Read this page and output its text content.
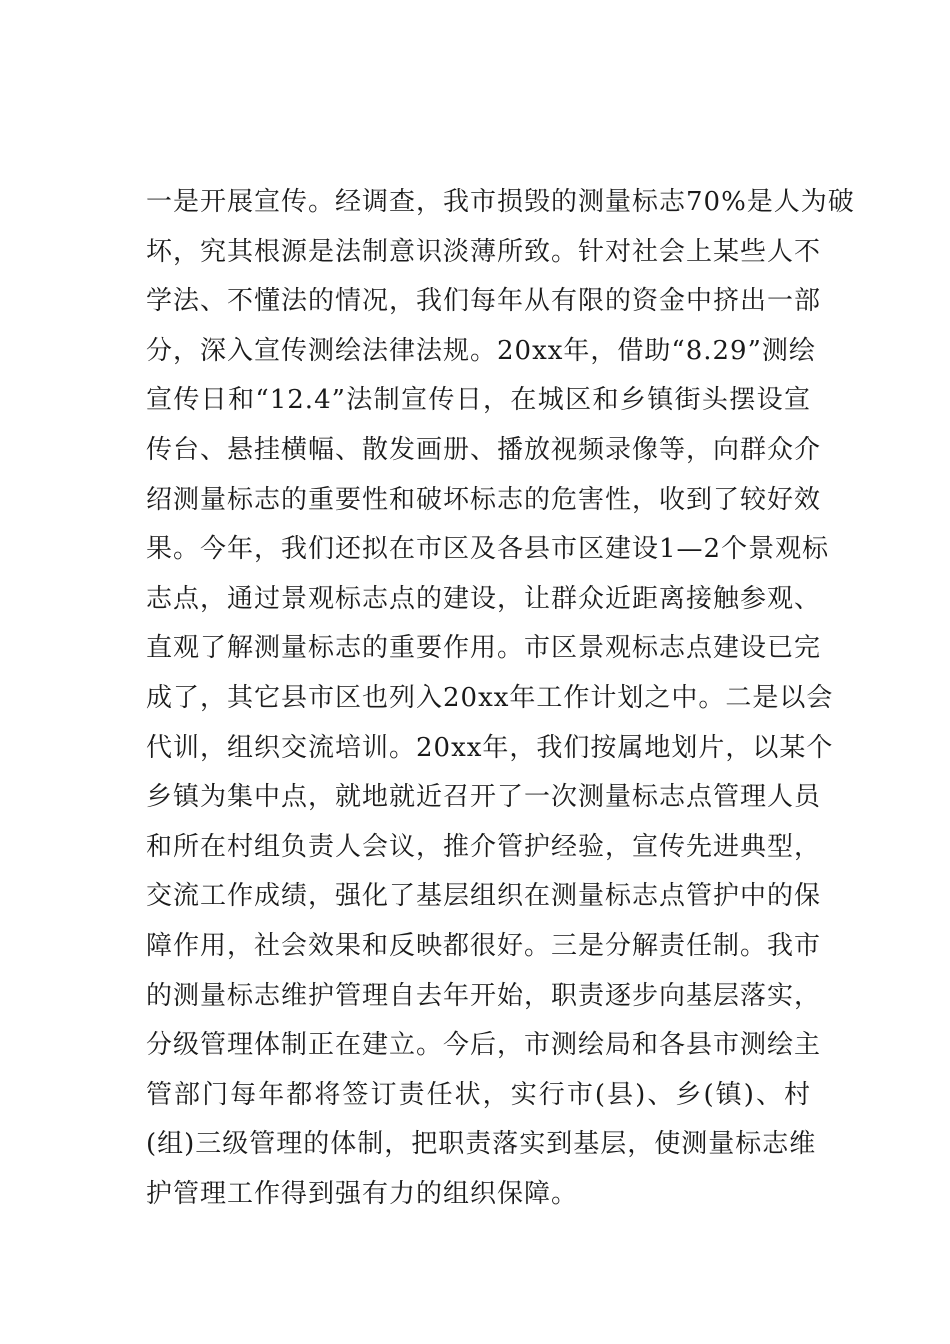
一是开展宣传。经调查，我市损毁的测量标志70%是人为破
坏，究其根源是法制意识淡薄所致。针对社会上某些人不
学法、不懂法的情况，我们每年从有限的资金中挤出一部
分，深入宣传测绘法律法规。20xx年，借助“8.29”测绘
宣传日和“12.4”法制宣传日，在城区和乡镇街头摆设宣
传台、悬挂横幅、散发画册、播放视频录像等，向群众介
绍测量标志的重要性和破坏标志的危害性，收到了较好效
果。今年，我们还拟在市区及各县市区建设1—2个景观标
志点，通过景观标志点的建设，让群众近距离接触参观、
直观了解测量标志的重要作用。市区景观标志点建设已完
成了，其它县市区也列入20xx年工作计划之中。二是以会
代训，组织交流培训。20xx年，我们按属地划片，以某个
乡镇为集中点，就地就近召开了一次测量标志点管理人员
和所在村组负责人会议，推介管护经验，宣传先进典型，
交流工作成绩，强化了基层组织在测量标志点管护中的保
障作用，社会效果和反映都很好。三是分解责任制。我市
的测量标志维护管理自去年开始，职责逐步向基层落实，
分级管理体制正在建立。今后，市测绘局和各县市测绘主
管部门每年都将签订责任状，实行市(县)、乡(镇)、村
(组)三级管理的体制，把职责落实到基层，使测量标志维
护管理工作得到强有力的组织保障。
